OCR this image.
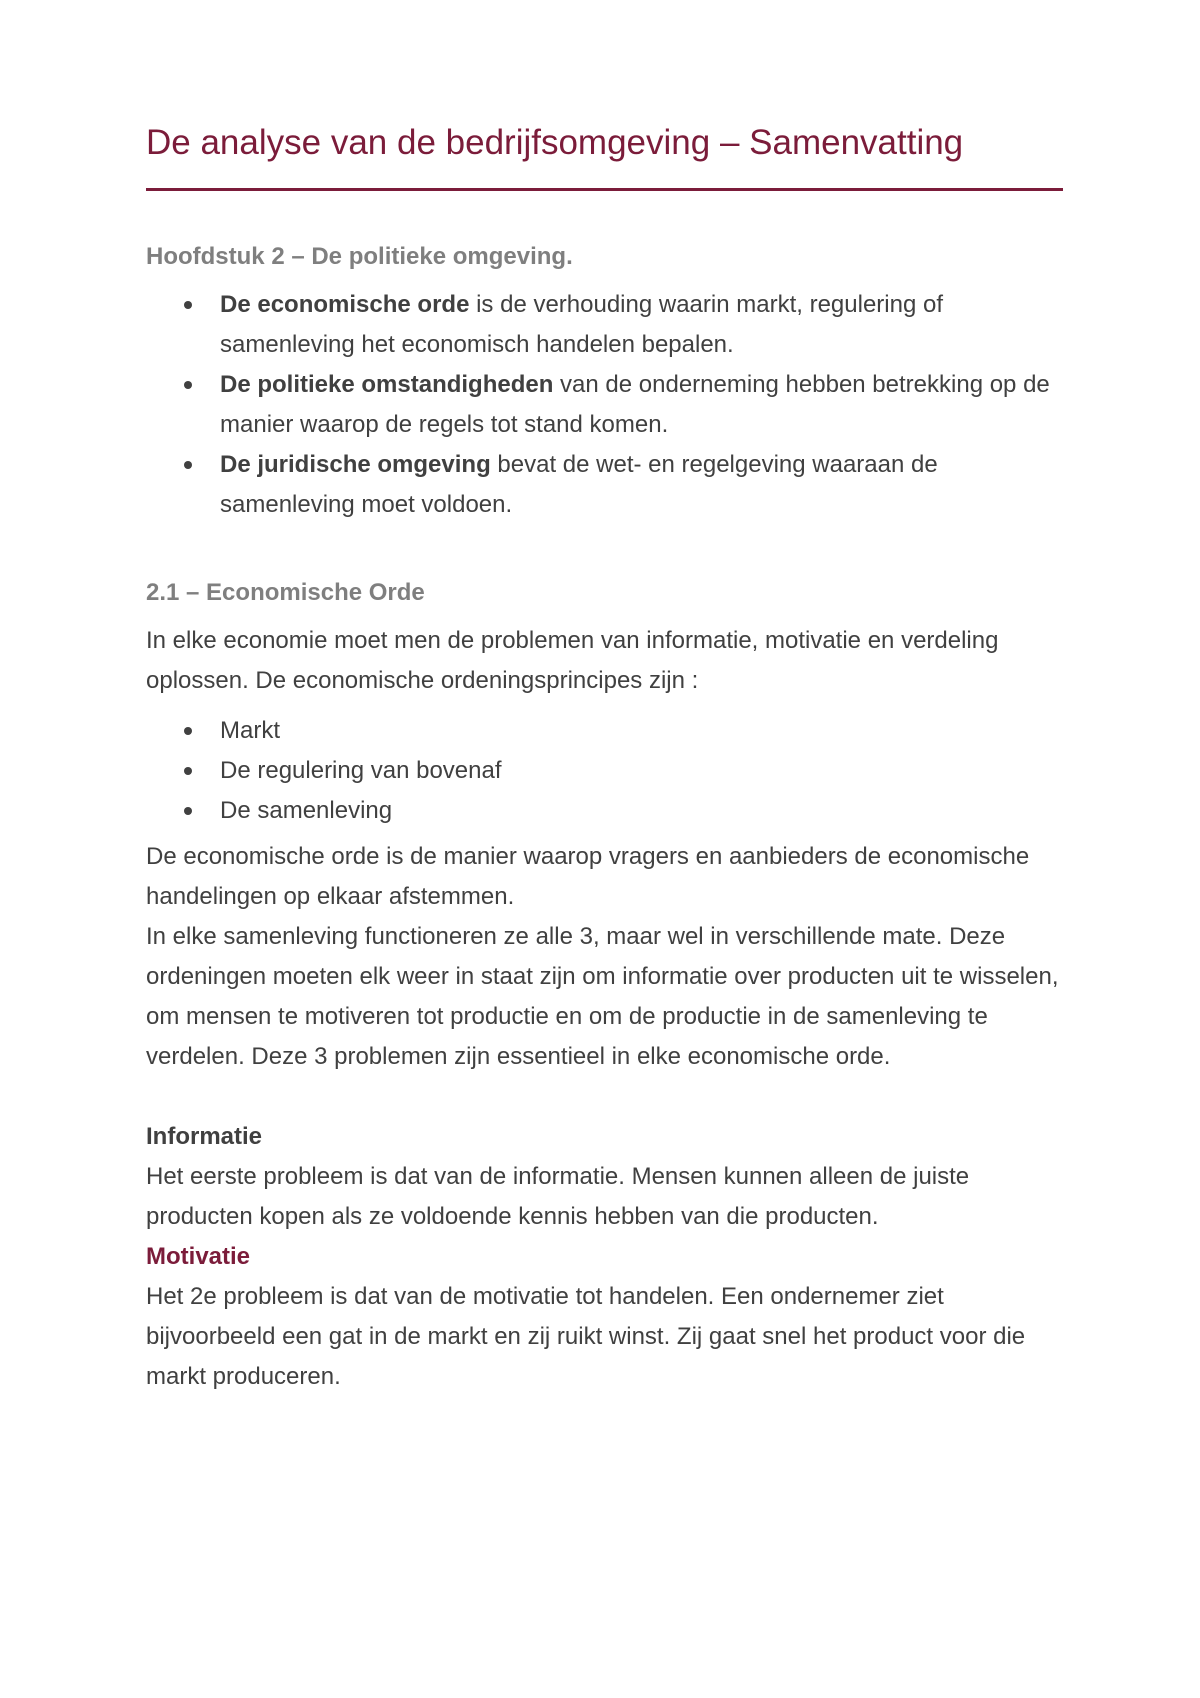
De analyse van de bedrijfsomgeving – Samenvatting
Hoofdstuk 2 – De politieke omgeving.
De economische orde is de verhouding waarin markt, regulering of samenleving het economisch handelen bepalen.
De politieke omstandigheden van de onderneming hebben betrekking op de manier waarop de regels tot stand komen.
De juridische omgeving bevat de wet- en regelgeving waaraan de samenleving moet voldoen.
2.1 – Economische Orde

In elke economie moet men de problemen van informatie, motivatie en verdeling oplossen. De economische ordeningsprincipes zijn :

Markt
De regulering van bovenaf
De samenleving

De economische orde is de manier waarop vragers en aanbieders de economische handelingen op elkaar afstemmen.

In elke samenleving functioneren ze alle 3, maar wel in verschillende mate. Deze ordeningen moeten elk weer in staat zijn om informatie over producten uit te wisselen, om mensen te motiveren tot productie en om de productie in de samenleving te verdelen. Deze 3 problemen zijn essentieel in elke economische orde.

Informatie

Het eerste probleem is dat van de informatie. Mensen kunnen alleen de juiste producten kopen als ze voldoende kennis hebben van die producten.

Motivatie

Het 2e probleem is dat van de motivatie tot handelen. Een ondernemer ziet bijvoorbeeld een gat in de markt en zij ruikt winst. Zij gaat snel het product voor die markt produceren.
